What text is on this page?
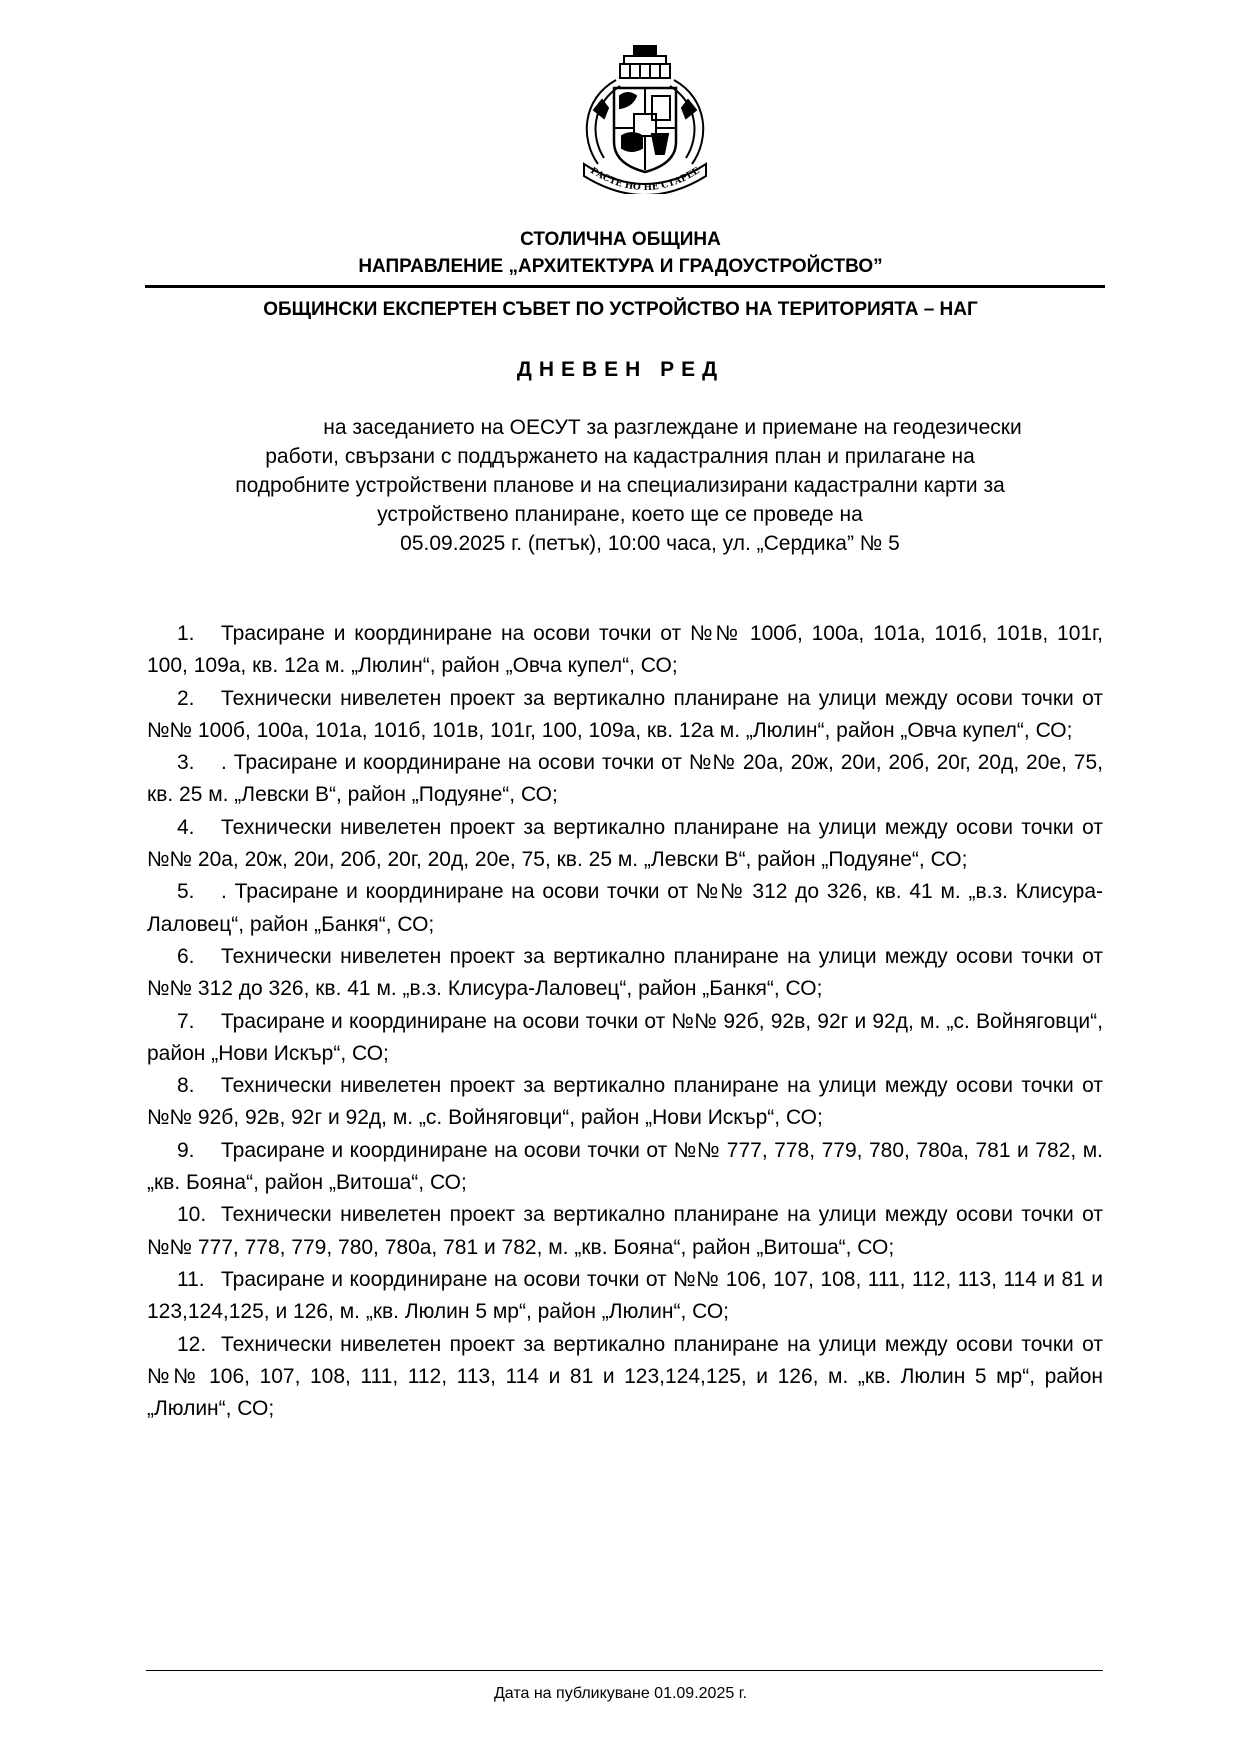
РАСТЕ НО НЕ СТАРЕЕ
СТОЛИЧНА ОБЩИНА
НАПРАВЛЕНИЕ „АРХИТЕКТУРА И ГРАДОУСТРОЙСТВО”
ОБЩИНСКИ ЕКСПЕРТЕН СЪВЕТ ПО УСТРОЙСТВО НА ТЕРИТОРИЯТА – НАГ
ДНЕВЕН РЕД
на заседанието на ОЕСУТ за разглеждане и приемане на геодезически
работи, свързани с поддържането на кадастралния план и прилагане на
подробните устройствени планове и на специализирани кадастрални карти за
устройствено планиране, което ще се проведе на
05.09.2025 г. (петък), 10:00 часа, ул. „Сердика” № 5
1. Трасиране и координиране на осови точки от №№ 100б, 100а, 101а, 101б, 101в, 101г, 100, 109а, кв. 12а м. „Люлин“, район „Овча купел“, СО;
2. Технически нивелетен проект за вертикално планиране на улици между осови точки от №№ 100б, 100а, 101а, 101б, 101в, 101г, 100, 109а, кв. 12а м. „Люлин“, район „Овча купел“, СО;
3. . Трасиране и координиране на осови точки от №№ 20а, 20ж, 20и, 20б, 20г, 20д, 20е, 75, кв. 25 м. „Левски В“, район „Подуяне“, СО;
4. Технически нивелетен проект за вертикално планиране на улици между осови точки от №№ 20а, 20ж, 20и, 20б, 20г, 20д, 20е, 75, кв. 25 м. „Левски В“, район „Подуяне“, СО;
5. . Трасиране и координиране на осови точки от №№ 312 до 326, кв. 41 м. „в.з. Клисура-Лаловец“, район „Банкя“, СО;
6. Технически нивелетен проект за вертикално планиране на улици между осови точки от №№ 312 до 326, кв. 41 м. „в.з. Клисура-Лаловец“, район „Банкя“, СО;
7. Трасиране и координиране на осови точки от №№ 92б, 92в, 92г и 92д, м. „с. Войняговци“, район „Нови Искър“, СО;
8. Технически нивелетен проект за вертикално планиране на улици между осови точки от №№ 92б, 92в, 92г и 92д, м. „с. Войняговци“, район „Нови Искър“, СО;
9. Трасиране и координиране на осови точки от №№ 777, 778, 779, 780, 780а, 781 и 782, м. „кв. Бояна“, район „Витоша“, СО;
10. Технически нивелетен проект за вертикално планиране на улици между осови точки от №№ 777, 778, 779, 780, 780а, 781 и 782, м. „кв. Бояна“, район „Витоша“, СО;
11. Трасиране и координиране на осови точки от №№ 106, 107, 108, 111, 112, 113, 114 и 81 и 123,124,125, и 126, м. „кв. Люлин 5 мр“, район „Люлин“, СО;
12. Технически нивелетен проект за вертикално планиране на улици между осови точки от №№ 106, 107, 108, 111, 112, 113, 114 и 81 и 123,124,125, и 126, м. „кв. Люлин 5 мр“, район „Люлин“, СО;
Дата на публикуване 01.09.2025 г.
